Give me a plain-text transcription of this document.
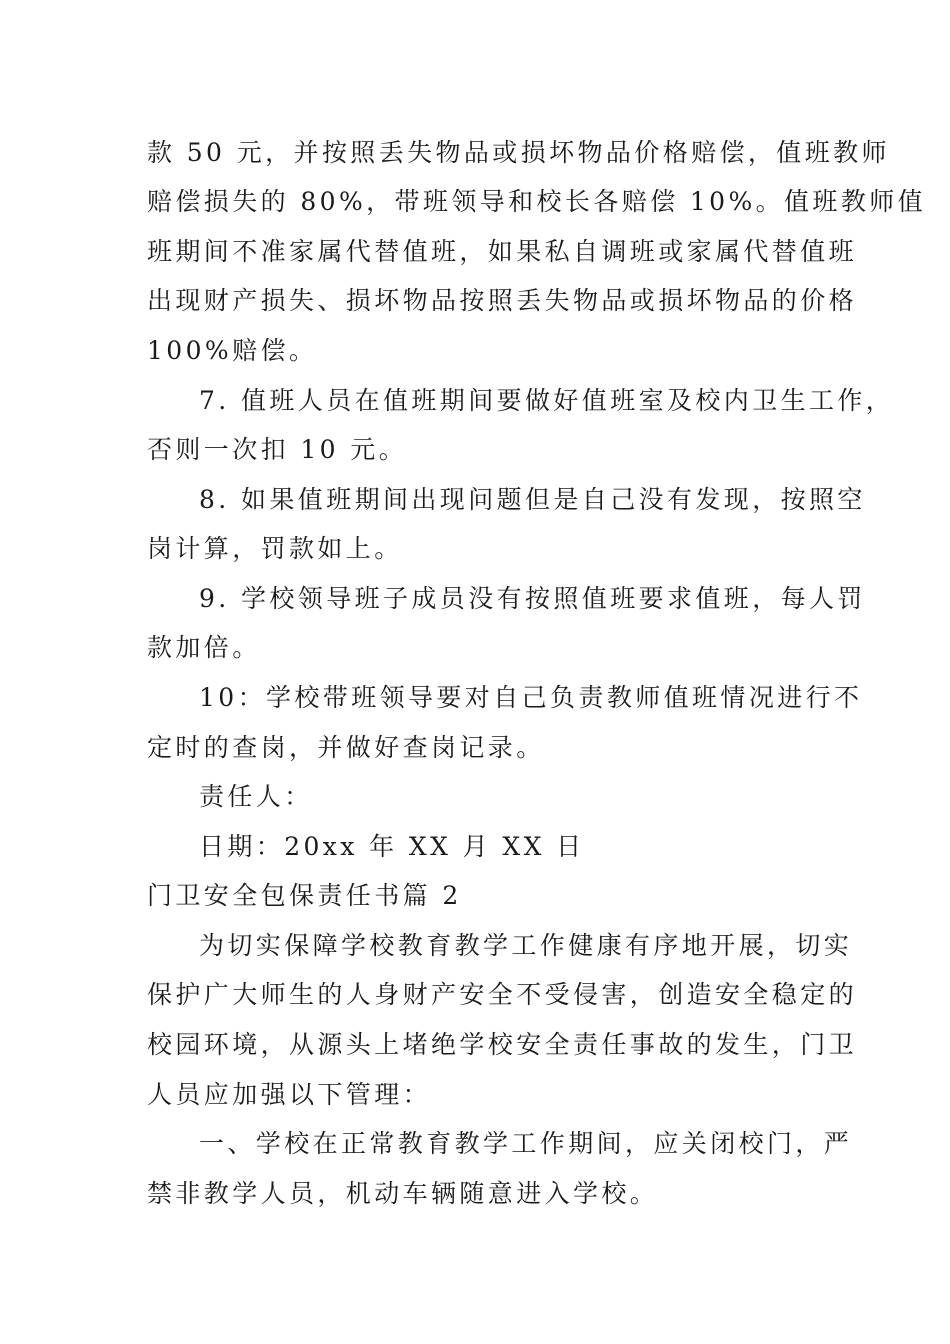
款 50 元，并按照丢失物品或损坏物品价格赔偿，值班教师
赔偿损失的 80%，带班领导和校长各赔偿 10%。值班教师值
班期间不准家属代替值班，如果私自调班或家属代替值班
出现财产损失、损坏物品按照丢失物品或损坏物品的价格
100%赔偿。
7. 值班人员在值班期间要做好值班室及校内卫生工作，
否则一次扣 10 元。
8. 如果值班期间出现问题但是自己没有发现，按照空
岗计算，罚款如上。
9. 学校领导班子成员没有按照值班要求值班，每人罚
款加倍。
10：学校带班领导要对自己负责教师值班情况进行不
定时的查岗，并做好查岗记录。
责任人：
日期：20xx 年 XX 月 XX 日
门卫安全包保责任书篇 2
为切实保障学校教育教学工作健康有序地开展，切实
保护广大师生的人身财产安全不受侵害，创造安全稳定的
校园环境，从源头上堵绝学校安全责任事故的发生，门卫
人员应加强以下管理：
一、学校在正常教育教学工作期间，应关闭校门，严
禁非教学人员，机动车辆随意进入学校。
